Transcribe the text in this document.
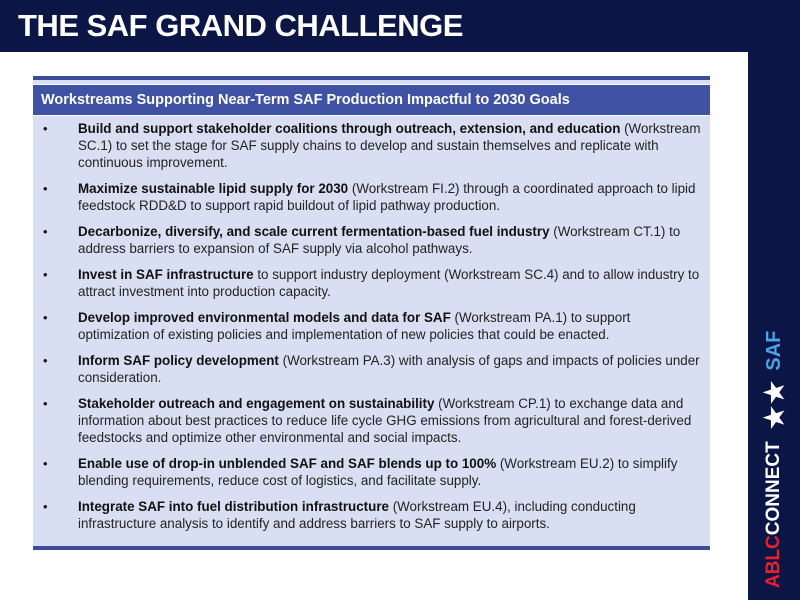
THE SAF GRAND CHALLENGE
ABLC
CONNECT
★★
SAF
Workstreams Supporting Near-Term SAF Production Impactful to 2030 Goals
• Build and support stakeholder coalitions through outreach, extension, and education (Workstream SC.1) to set the stage for SAF supply chains to develop and sustain themselves and replicate with continuous improvement.
• Maximize sustainable lipid supply for 2030 (Workstream FI.2) through a coordinated approach to lipid feedstock RDD&D to support rapid buildout of lipid pathway production.
• Decarbonize, diversify, and scale current fermentation-based fuel industry (Workstream CT.1) to address barriers to expansion of SAF supply via alcohol pathways.
• Invest in SAF infrastructure to support industry deployment (Workstream SC.4) and to allow industry to attract investment into production capacity.
• Develop improved environmental models and data for SAF (Workstream PA.1) to support optimization of existing policies and implementation of new policies that could be enacted.
• Inform SAF policy development (Workstream PA.3) with analysis of gaps and impacts of policies under consideration.
• Stakeholder outreach and engagement on sustainability (Workstream CP.1) to exchange data and information about best practices to reduce life cycle GHG emissions from agricultural and forest-derived feedstocks and optimize other environmental and social impacts.
• Enable use of drop-in unblended SAF and SAF blends up to 100% (Workstream EU.2) to simplify blending requirements, reduce cost of logistics, and facilitate supply.
• Integrate SAF into fuel distribution infrastructure (Workstream EU.4), including conducting infrastructure analysis to identify and address barriers to SAF supply to airports.
